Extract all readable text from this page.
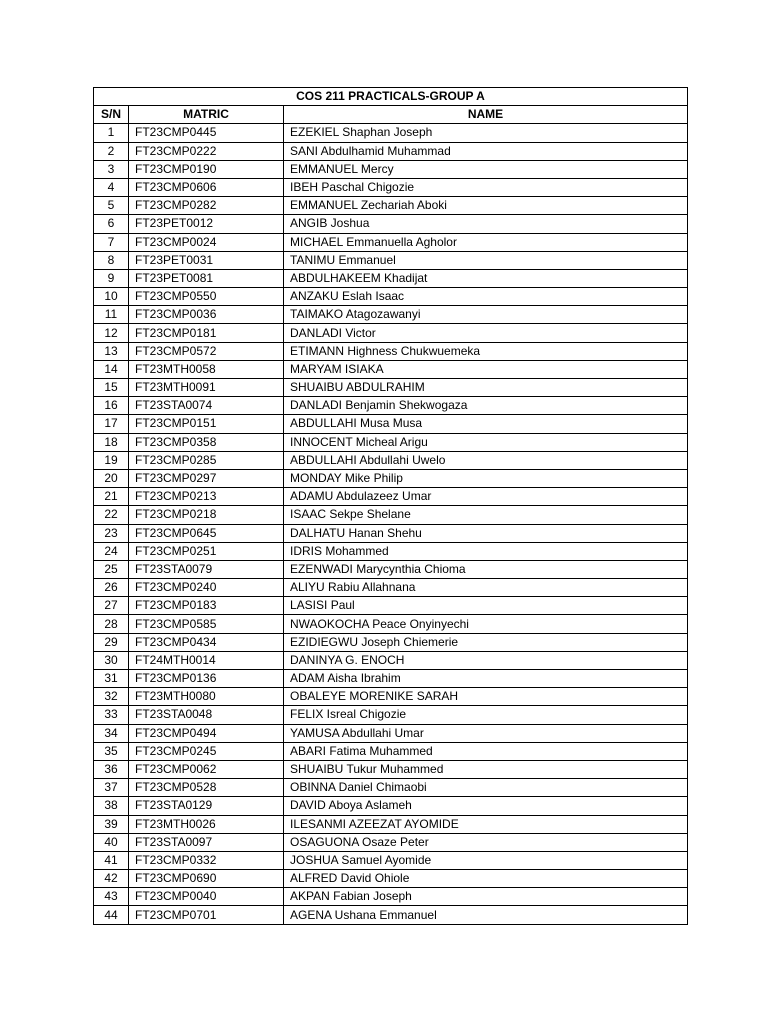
COS 211 PRACTICALS-GROUP A		
S/N	MATRIC	NAME
1	FT23CMP0445	EZEKIEL Shaphan Joseph
2	FT23CMP0222	SANI Abdulhamid Muhammad
3	FT23CMP0190	EMMANUEL Mercy
4	FT23CMP0606	IBEH Paschal Chigozie
5	FT23CMP0282	EMMANUEL Zechariah Aboki
6	FT23PET0012	ANGIB Joshua
7	FT23CMP0024	MICHAEL Emmanuella Agholor
8	FT23PET0031	TANIMU Emmanuel
9	FT23PET0081	ABDULHAKEEM Khadijat
10	FT23CMP0550	ANZAKU Eslah Isaac
11	FT23CMP0036	TAIMAKO Atagozawanyi
12	FT23CMP0181	DANLADI Victor
13	FT23CMP0572	ETIMANN Highness Chukwuemeka
14	FT23MTH0058	MARYAM ISIAKA
15	FT23MTH0091	SHUAIBU ABDULRAHIM
16	FT23STA0074	DANLADI Benjamin Shekwogaza
17	FT23CMP0151	ABDULLAHI Musa Musa
18	FT23CMP0358	INNOCENT Micheal Arigu
19	FT23CMP0285	ABDULLAHI Abdullahi Uwelo
20	FT23CMP0297	MONDAY Mike Philip
21	FT23CMP0213	ADAMU Abdulazeez Umar
22	FT23CMP0218	ISAAC Sekpe Shelane
23	FT23CMP0645	DALHATU Hanan Shehu
24	FT23CMP0251	IDRIS Mohammed
25	FT23STA0079	EZENWADI Marycynthia Chioma
26	FT23CMP0240	ALIYU Rabiu Allahnana
27	FT23CMP0183	LASISI Paul
28	FT23CMP0585	NWAOKOCHA Peace Onyinyechi
29	FT23CMP0434	EZIDIEGWU Joseph Chiemerie
30	FT24MTH0014	DANINYA G. ENOCH
31	FT23CMP0136	ADAM Aisha Ibrahim
32	FT23MTH0080	OBALEYE MORENIKE SARAH
33	FT23STA0048	FELIX Isreal Chigozie
34	FT23CMP0494	YAMUSA Abdullahi Umar
35	FT23CMP0245	ABARI Fatima Muhammed
36	FT23CMP0062	SHUAIBU Tukur Muhammed
37	FT23CMP0528	OBINNA Daniel Chimaobi
38	FT23STA0129	DAVID Aboya Aslameh
39	FT23MTH0026	ILESANMI AZEEZAT AYOMIDE
40	FT23STA0097	OSAGUONA Osaze Peter
41	FT23CMP0332	JOSHUA Samuel Ayomide
42	FT23CMP0690	ALFRED David Ohiole
43	FT23CMP0040	AKPAN Fabian Joseph
44	FT23CMP0701	AGENA Ushana Emmanuel
